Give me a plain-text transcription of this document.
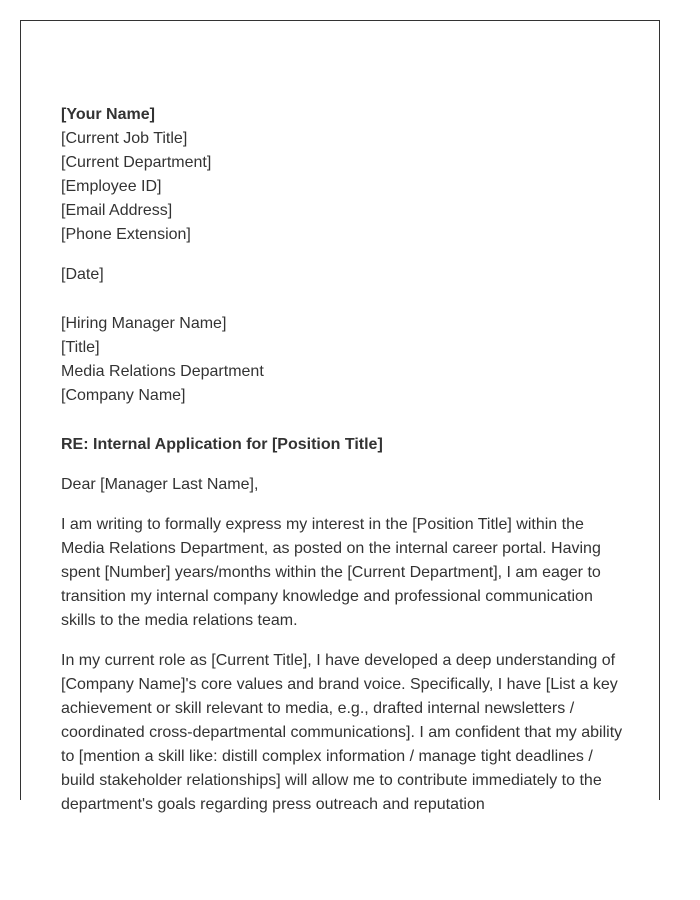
[Your Name]
[Current Job Title]
[Current Department]
[Employee ID]
[Email Address]
[Phone Extension]
[Date]
[Hiring Manager Name]
[Title]
Media Relations Department
[Company Name]

RE: Internal Application for [Position Title]

Dear [Manager Last Name],

I am writing to formally express my interest in the [Position Title] within the Media Relations Department, as posted on the internal career portal. Having spent [Number] years/months within the [Current Department], I am eager to transition my internal company knowledge and professional communication skills to the media relations team.

In my current role as [Current Title], I have developed a deep understanding of [Company Name]'s core values and brand voice. Specifically, I have [List a key achievement or skill relevant to media, e.g., drafted internal newsletters / coordinated cross-departmental communications]. I am confident that my ability to [mention a skill like: distill complex information / manage tight deadlines / build stakeholder relationships] will allow me to contribute immediately to the department's goals regarding press outreach and reputation
